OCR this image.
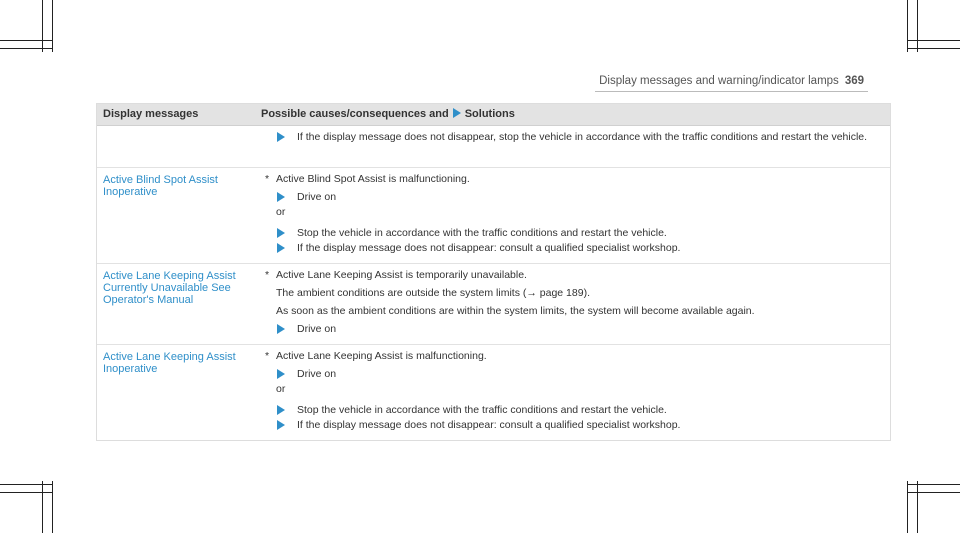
Display messages and warning/indicator lamps 369
Display messages	Possible causes/consequences and Solutions
If the display message does not disappear, stop the vehicle in accordance with the traffic conditions and restart the vehicle.
Active Blind Spot Assist Inoperative
* Active Blind Spot Assist is malfunctioning.
Drive on
or
Stop the vehicle in accordance with the traffic conditions and restart the vehicle.
If the display message does not disappear: consult a qualified specialist workshop.
Active Lane Keeping Assist Currently Unavailable See Operator's Manual
* Active Lane Keeping Assist is temporarily unavailable.
The ambient conditions are outside the system limits (→ page 189).
As soon as the ambient conditions are within the system limits, the system will become available again.
Drive on
Active Lane Keeping Assist Inoperative
* Active Lane Keeping Assist is malfunctioning.
Drive on
or
Stop the vehicle in accordance with the traffic conditions and restart the vehicle.
If the display message does not disappear: consult a qualified specialist workshop.
